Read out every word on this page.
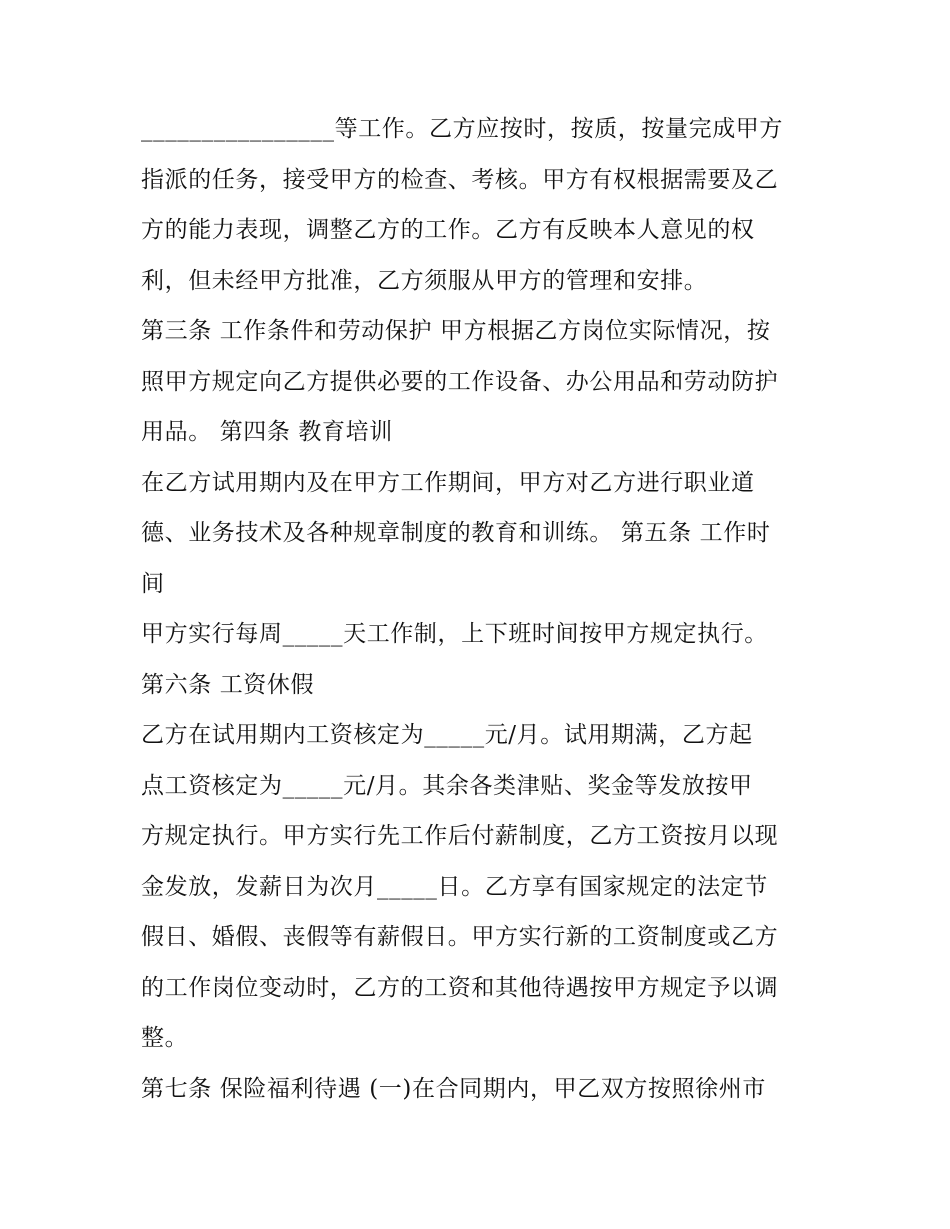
________________等工作。乙方应按时，按质，按量完成甲方
指派的任务，接受甲方的检查、考核。甲方有权根据需要及乙
方的能力表现，调整乙方的工作。乙方有反映本人意见的权
利，但未经甲方批准，乙方须服从甲方的管理和安排。
第三条 工作条件和劳动保护 甲方根据乙方岗位实际情况，按
照甲方规定向乙方提供必要的工作设备、办公用品和劳动防护
用品。 第四条 教育培训
在乙方试用期内及在甲方工作期间，甲方对乙方进行职业道
德、业务技术及各种规章制度的教育和训练。 第五条 工作时
间
甲方实行每周_____天工作制，上下班时间按甲方规定执行。
第六条 工资休假
乙方在试用期内工资核定为_____元/月。试用期满，乙方起
点工资核定为_____元/月。其余各类津贴、奖金等发放按甲
方规定执行。甲方实行先工作后付薪制度，乙方工资按月以现
金发放，发薪日为次月_____日。乙方享有国家规定的法定节
假日、婚假、丧假等有薪假日。甲方实行新的工资制度或乙方
的工作岗位变动时，乙方的工资和其他待遇按甲方规定予以调
整。
第七条 保险福利待遇 (一)在合同期内，甲乙双方按照徐州市
